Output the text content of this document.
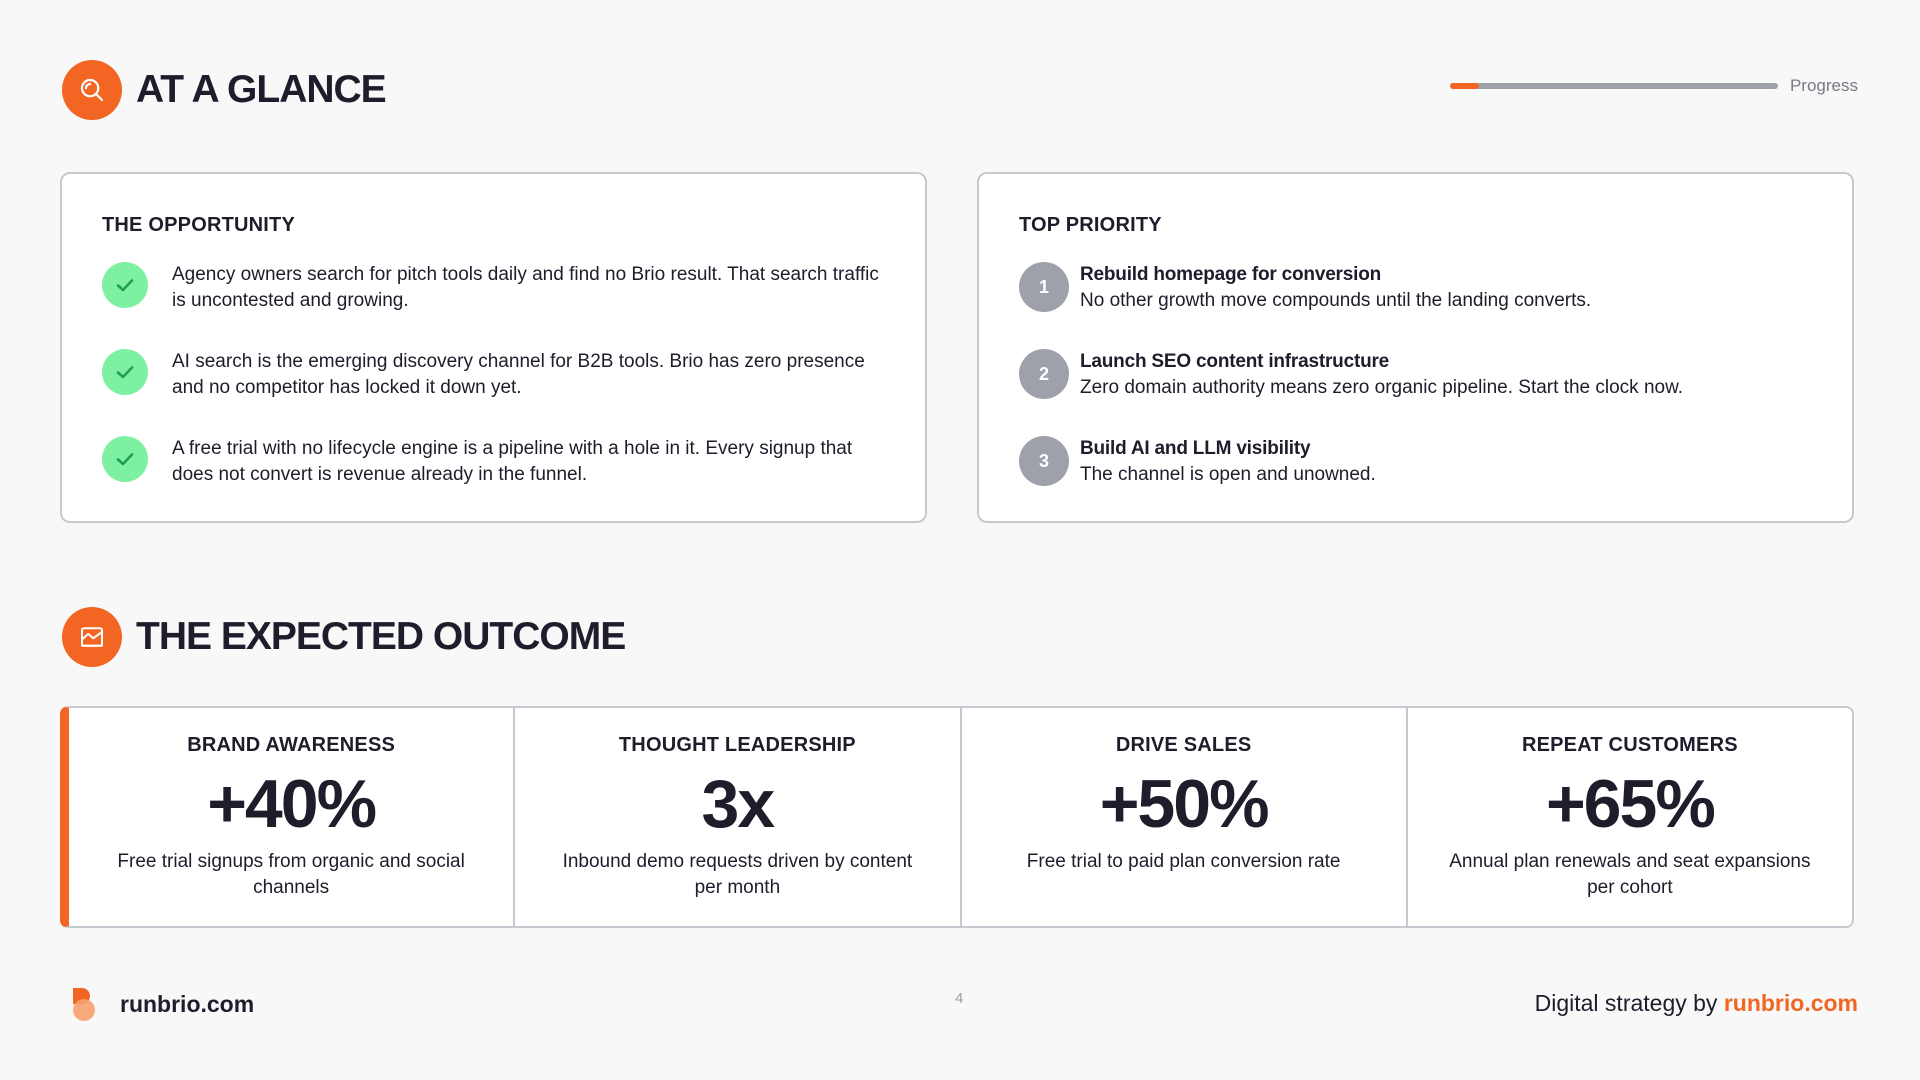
AT A GLANCE	Progress
THE OPPORTUNITY
Agency owners search for pitch tools daily and find no Brio result. That search traffic is uncontested and growing.
AI search is the emerging discovery channel for B2B tools. Brio has zero presence and no competitor has locked it down yet.
A free trial with no lifecycle engine is a pipeline with a hole in it. Every signup that does not convert is revenue already in the funnel.
TOP PRIORITY
1
Rebuild homepage for conversion
No other growth move compounds until the landing converts.
2
Launch SEO content infrastructure
Zero domain authority means zero organic pipeline. Start the clock now.
3
Build AI and LLM visibility
The channel is open and unowned.
THE EXPECTED OUTCOME
BRAND AWARENESS
+40%
Free trial signups from organic and social channels
THOUGHT LEADERSHIP
3x
Inbound demo requests driven by content per month
DRIVE SALES
+50%
Free trial to paid plan conversion rate
REPEAT CUSTOMERS
+65%
Annual plan renewals and seat expansions per cohort
runbrio.com	4	Digital strategy by runbrio.com
